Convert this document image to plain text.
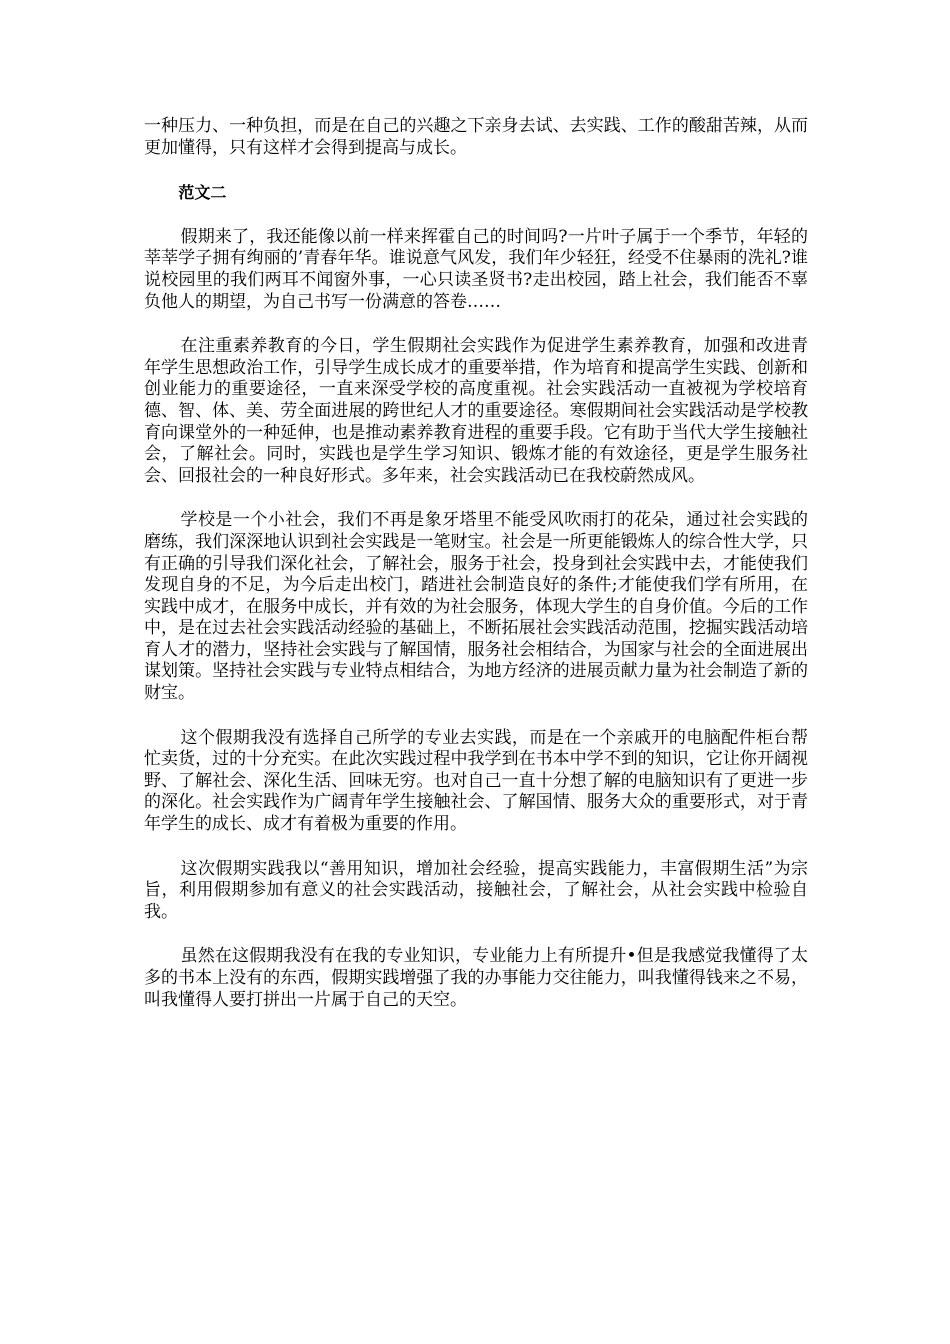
一种压力、一种负担，而是在自己的兴趣之下亲身去试、去实践、工作的酸甜苦辣，从而更加懂得，只有这样才会得到提高与成长。

范文二

假期来了，我还能像以前一样来挥霍自己的时间吗?一片叶子属于一个季节，年轻的莘莘学子拥有绚丽的’青春年华。谁说意气风发，我们年少轻狂，经受不住暴雨的洗礼?谁说校园里的我们两耳不闻窗外事，一心只读圣贤书?走出校园，踏上社会，我们能否不辜负他人的期望，为自己书写一份满意的答卷……

在注重素养教育的今日，学生假期社会实践作为促进学生素养教育，加强和改进青年学生思想政治工作，引导学生成长成才的重要举措，作为培育和提高学生实践、创新和创业能力的重要途径，一直来深受学校的高度重视。社会实践活动一直被视为学校培育德、智、体、美、劳全面进展的跨世纪人才的重要途径。寒假期间社会实践活动是学校教育向课堂外的一种延伸，也是推动素养教育进程的重要手段。它有助于当代大学生接触社会，了解社会。同时，实践也是学生学习知识、锻炼才能的有效途径，更是学生服务社会、回报社会的一种良好形式。多年来，社会实践活动已在我校蔚然成风。

学校是一个小社会，我们不再是象牙塔里不能受风吹雨打的花朵，通过社会实践的磨练，我们深深地认识到社会实践是一笔财宝。社会是一所更能锻炼人的综合性大学，只有正确的引导我们深化社会，了解社会，服务于社会，投身到社会实践中去，才能使我们发现自身的不足，为今后走出校门，踏进社会制造良好的条件;才能使我们学有所用，在实践中成才，在服务中成长，并有效的为社会服务，体现大学生的自身价值。今后的工作中，是在过去社会实践活动经验的基础上，不断拓展社会实践活动范围，挖掘实践活动培育人才的潜力，坚持社会实践与了解国情，服务社会相结合，为国家与社会的全面进展出谋划策。坚持社会实践与专业特点相结合，为地方经济的进展贡献力量为社会制造了新的财宝。

这个假期我没有选择自己所学的专业去实践，而是在一个亲戚开的电脑配件柜台帮忙卖货，过的十分充实。在此次实践过程中我学到在书本中学不到的知识，它让你开阔视野、了解社会、深化生活、回味无穷。也对自己一直十分想了解的电脑知识有了更进一步的深化。社会实践作为广阔青年学生接触社会、了解国情、服务大众的重要形式，对于青年学生的成长、成才有着极为重要的作用。

这次假期实践我以“善用知识，增加社会经验，提高实践能力，丰富假期生活”为宗旨，利用假期参加有意义的社会实践活动，接触社会，了解社会，从社会实践中检验自我。

虽然在这假期我没有在我的专业知识，专业能力上有所提升•但是我感觉我懂得了太多的书本上没有的东西，假期实践增强了我的办事能力交往能力，叫我懂得钱来之不易，叫我懂得人要打拼出一片属于自己的天空。
